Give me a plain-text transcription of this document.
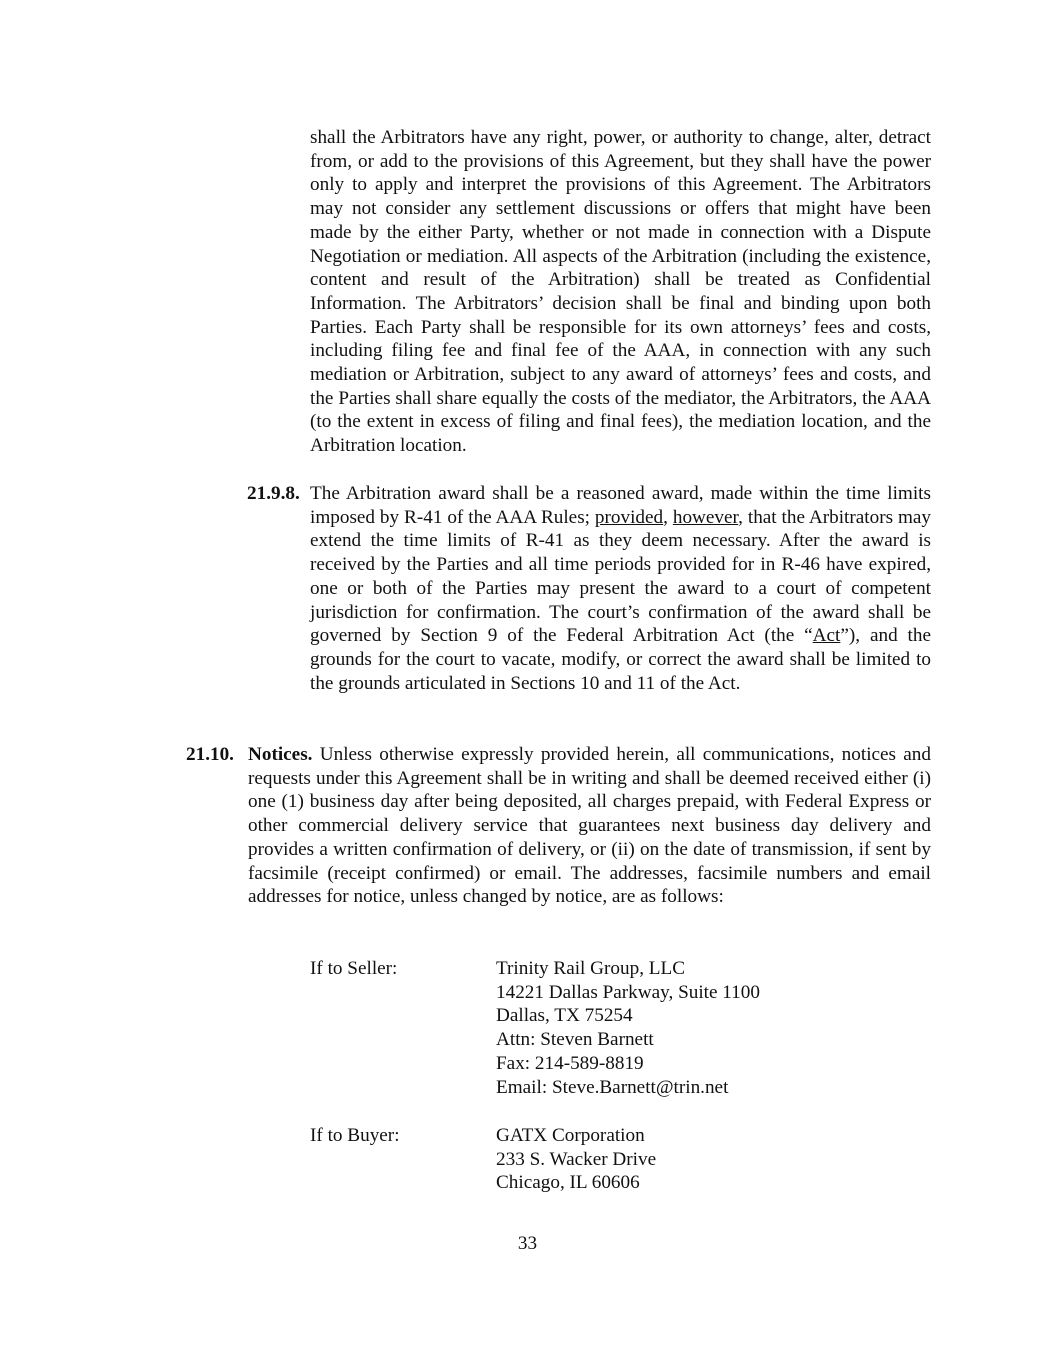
shall the Arbitrators have any right, power, or authority to change, alter, detract from, or add to the provisions of this Agreement, but they shall have the power only to apply and interpret the provisions of this Agreement. The Arbitrators may not consider any settlement discussions or offers that might have been made by the either Party, whether or not made in connection with a Dispute Negotiation or mediation. All aspects of the Arbitration (including the existence, content and result of the Arbitration) shall be treated as Confidential Information. The Arbitrators’ decision shall be final and binding upon both Parties. Each Party shall be responsible for its own attorneys’ fees and costs, including filing fee and final fee of the AAA, in connection with any such mediation or Arbitration, subject to any award of attorneys’ fees and costs, and the Parties shall share equally the costs of the mediator, the Arbitrators, the AAA (to the extent in excess of filing and final fees), the mediation location, and the Arbitration location.

21.9.8. The Arbitration award shall be a reasoned award, made within the time limits imposed by R-41 of the AAA Rules; provided, however, that the Arbitrators may extend the time limits of R-41 as they deem necessary. After the award is received by the Parties and all time periods provided for in R-46 have expired, one or both of the Parties may present the award to a court of competent jurisdiction for confirmation. The court’s confirmation of the award shall be governed by Section 9 of the Federal Arbitration Act (the “Act”), and the grounds for the court to vacate, modify, or correct the award shall be limited to the grounds articulated in Sections 10 and 11 of the Act.

21.10. Notices. Unless otherwise expressly provided herein, all communications, notices and requests under this Agreement shall be in writing and shall be deemed received either (i) one (1) business day after being deposited, all charges prepaid, with Federal Express or other commercial delivery service that guarantees next business day delivery and provides a written confirmation of delivery, or (ii) on the date of transmission, if sent by facsimile (receipt confirmed) or email. The addresses, facsimile numbers and email addresses for notice, unless changed by notice, are as follows:

If to Seller:	Trinity Rail Group, LLC
14221 Dallas Parkway, Suite 1100
Dallas, TX 75254
Attn: Steven Barnett
Fax: 214-589-8819
Email: Steve.Barnett@trin.net
If to Buyer:	GATX Corporation
233 S. Wacker Drive
Chicago, IL 60606
33
